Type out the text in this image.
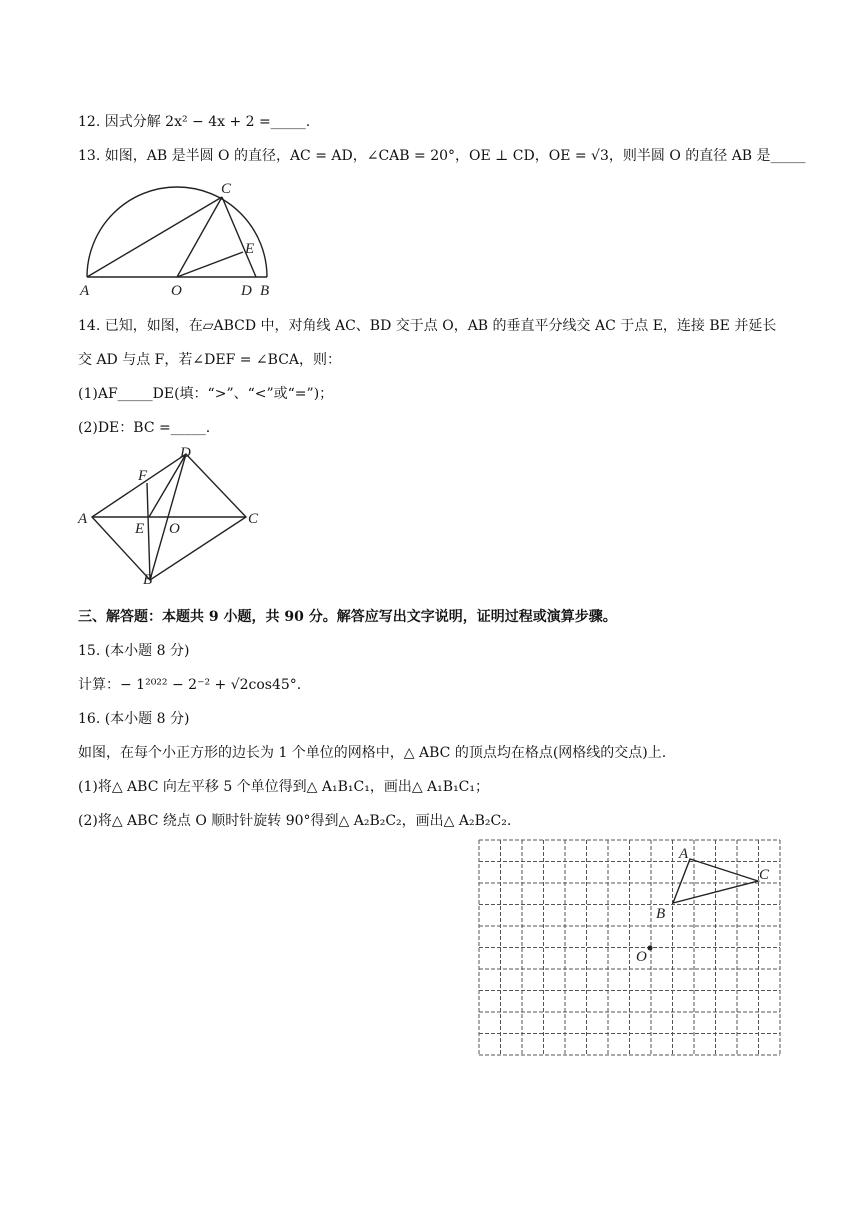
12. 因式分解 2x² − 4x + 2 =_____.
13. 如图，AB 是半圆 O 的直径，AC = AD，∠CAB = 20°，OE ⊥ CD，OE = √3，则半圆 O 的直径 AB 是_____
A	O	D B
C
E
14. 已知，如图，在▱ABCD 中，对角线 AC、BD 交于点 O，AB 的垂直平分线交 AC 于点 E，连接 BE 并延长
交 AD 与点 F，若∠DEF = ∠BCA，则：
(1)AF_____DE(填：“>”、“<”或“=”)；
(2)DE：BC =_____.
A
D
C
B
F
E O
三、解答题：本题共 9 小题，共 90 分。解答应写出文字说明，证明过程或演算步骤。
15. (本小题 8 分)
计算：− 1²⁰²² − 2⁻² + √2cos45°.
16. (本小题 8 分)
如图，在每个小正方形的边长为 1 个单位的网格中，△ ABC 的顶点均在格点(网格线的交点)上.
(1)将△ ABC 向左平移 5 个单位得到△ A₁B₁C₁，画出△ A₁B₁C₁；
(2)将△ ABC 绕点 O 顺时针旋转 90°得到△ A₂B₂C₂，画出△ A₂B₂C₂.
A
C
B
O
